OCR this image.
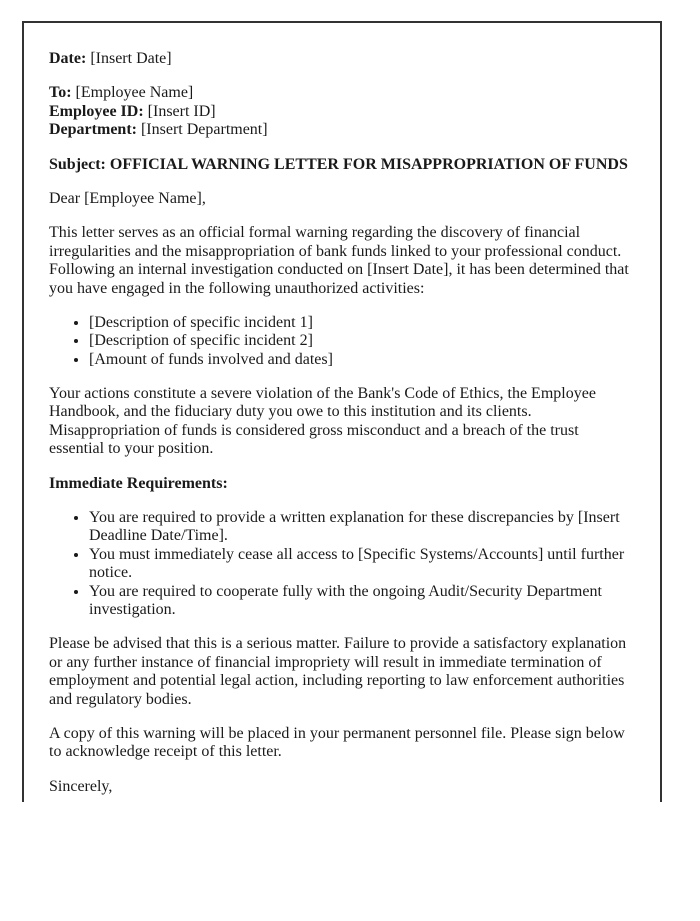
Date: [Insert Date]

To: [Employee Name]
Employee ID: [Insert ID]
Department: [Insert Department]

Subject: OFFICIAL WARNING LETTER FOR MISAPPROPRIATION OF FUNDS

Dear [Employee Name],

This letter serves as an official formal warning regarding the discovery of financial irregularities and the misappropriation of bank funds linked to your professional conduct. Following an internal investigation conducted on [Insert Date], it has been determined that you have engaged in the following unauthorized activities:

• [Description of specific incident 1]
• [Description of specific incident 2]
• [Amount of funds involved and dates]

Your actions constitute a severe violation of the Bank's Code of Ethics, the Employee Handbook, and the fiduciary duty you owe to this institution and its clients. Misappropriation of funds is considered gross misconduct and a breach of the trust essential to your position.

Immediate Requirements:

• You are required to provide a written explanation for these discrepancies by [Insert Deadline Date/Time].
• You must immediately cease all access to [Specific Systems/Accounts] until further notice.
• You are required to cooperate fully with the ongoing Audit/Security Department investigation.

Please be advised that this is a serious matter. Failure to provide a satisfactory explanation or any further instance of financial impropriety will result in immediate termination of employment and potential legal action, including reporting to law enforcement authorities and regulatory bodies.

A copy of this warning will be placed in your permanent personnel file. Please sign below to acknowledge receipt of this letter.

Sincerely,
